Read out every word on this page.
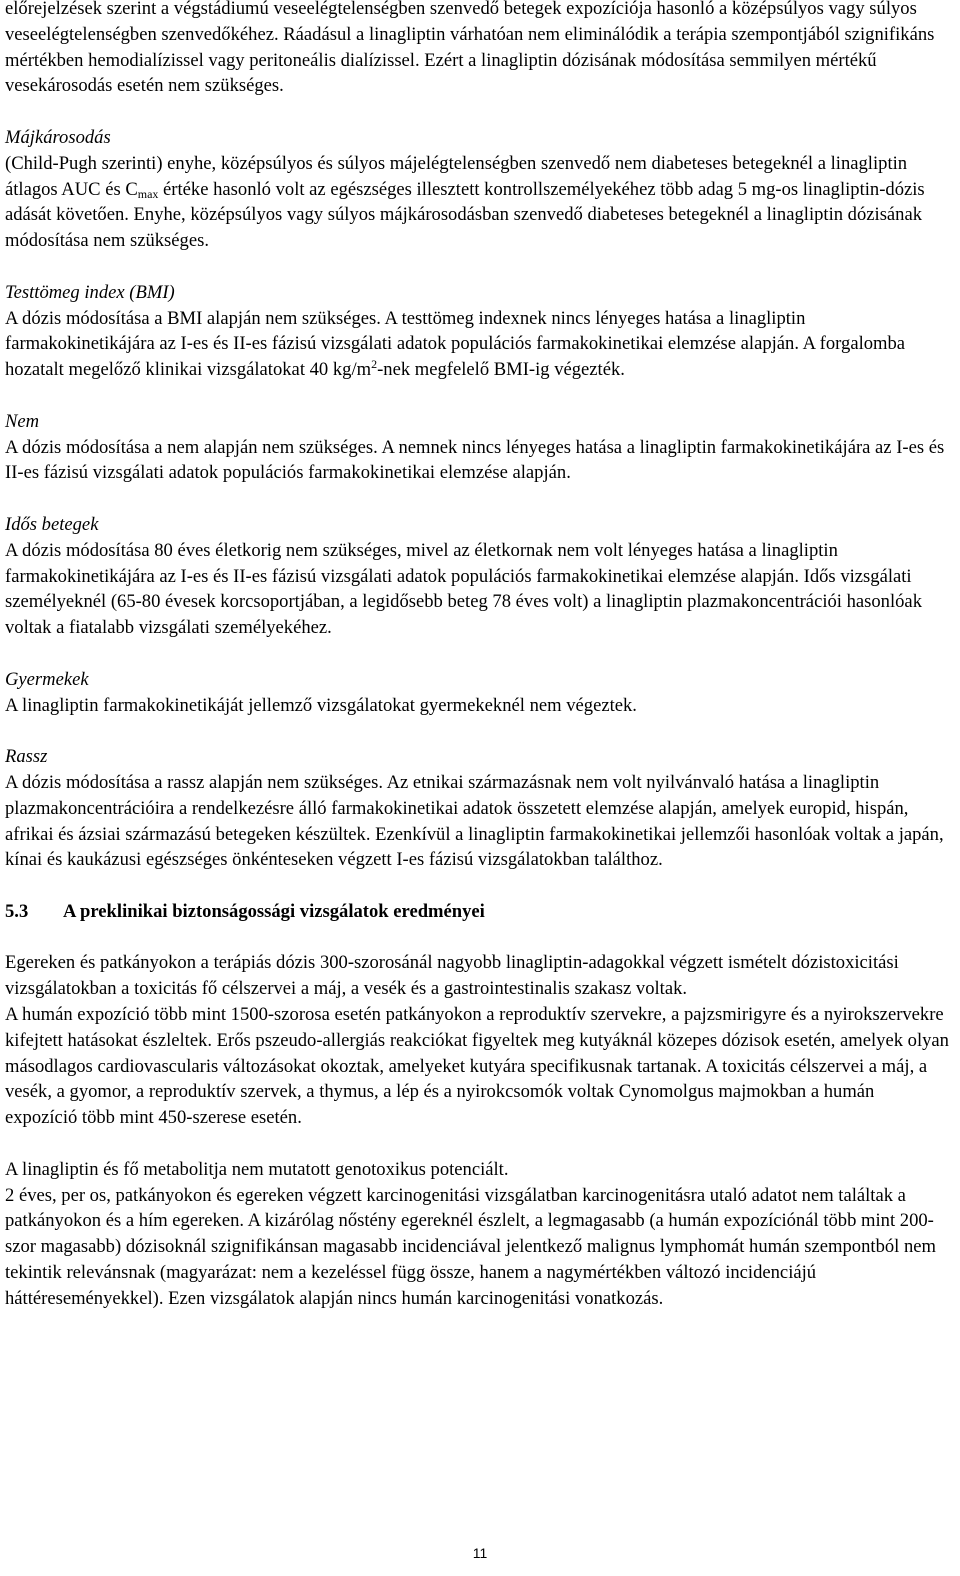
előrejelzések szerint a végstádiumú veseelégtelenségben szenvedő betegek expozíciója hasonló a középsúlyos vagy súlyos veseelégtelenségben szenvedőkéhez. Ráadásul a linagliptin várhatóan nem eliminálódik a terápia szempontjából szignifikáns mértékben hemodialízissel vagy peritoneális dialízissel. Ezért a linagliptin dózisának módosítása semmilyen mértékű vesekárosodás esetén nem szükséges.

Májkárosodás

(Child-Pugh szerinti) enyhe, középsúlyos és súlyos májelégtelenségben szenvedő nem diabeteses betegeknél a linagliptin átlagos AUC és $C_{max}$ értéke hasonló volt az egészséges illesztett kontrollszemélyekéhez több adag 5 mg-os linagliptin-dózis adását követően. Enyhe, középsúlyos vagy súlyos májkárosodásban szenvedő diabeteses betegeknél a linagliptin dózisának módosítása nem szükséges.

Testtömeg index (BMI)

A dózis módosítása a BMI alapján nem szükséges. A testtömeg indexnek nincs lényeges hatása a linagliptin farmakokinetikájára az I-es és II-es fázisú vizsgálati adatok populációs farmakokinetikai elemzése alapján. A forgalomba hozatalt megelőző klinikai vizsgálatokat 40 $kg/m^2$-nek megfelelő BMI-ig végezték.

Nem

A dózis módosítása a nem alapján nem szükséges. A nemnek nincs lényeges hatása a linagliptin farmakokinetikájára az I-es és II-es fázisú vizsgálati adatok populációs farmakokinetikai elemzése alapján.

Idős betegek

A dózis módosítása 80 éves életkorig nem szükséges, mivel az életkornak nem volt lényeges hatása a linagliptin farmakokinetikájára az I-es és II-es fázisú vizsgálati adatok populációs farmakokinetikai elemzése alapján. Idős vizsgálati személyeknél (65-80 évesek korcsoportjában, a legidősebb beteg 78 éves volt) a linagliptin plazmakoncentrációi hasonlóak voltak a fiatalabb vizsgálati személyekéhez.

Gyermekek

A linagliptin farmakokinetikáját jellemző vizsgálatokat gyermekeknél nem végeztek.

Rassz

A dózis módosítása a rassz alapján nem szükséges. Az etnikai származásnak nem volt nyilvánvaló hatása a linagliptin plazmakoncentrációira a rendelkezésre álló farmakokinetikai adatok összetett elemzése alapján, amelyek europid, hispán, afrikai és ázsiai származású betegeken készültek. Ezenkívül a linagliptin farmakokinetikai jellemzői hasonlóak voltak a japán, kínai és kaukázusi egészséges önkénteseken végzett I-es fázisú vizsgálatokban találthoz.

5.3	A preklinikai biztonságossági vizsgálatok eredményei

Egereken és patkányokon a terápiás dózis 300-szorosánál nagyobb linagliptin-adagokkal végzett ismételt dózistoxicitási vizsgálatokban a toxicitás fő célszervei a máj, a vesék és a gastrointestinalis szakasz voltak.

A humán expozíció több mint 1500-szorosa esetén patkányokon a reproduktív szervekre, a pajzsmirigyre és a nyirokszervekre kifejtett hatásokat észleltek. Erős pszeudo-allergiás reakciókat figyeltek meg kutyáknál közepes dózisok esetén, amelyek olyan másodlagos cardiovascularis változásokat okoztak, amelyeket kutyára specifikusnak tartanak. A toxicitás célszervei a máj, a vesék, a gyomor, a reproduktív szervek, a thymus, a lép és a nyirokcsomók voltak Cynomolgus majmokban a humán expozíció több mint 450-szerese esetén.

A linagliptin és fő metabolitja nem mutatott genotoxikus potenciált.

2 éves, per os, patkányokon és egereken végzett karcinogenitási vizsgálatban karcinogenitásra utaló adatot nem találtak a patkányokon és a hím egereken. A kizárólag nőstény egereknél észlelt, a legmagasabb (a humán expozíciónál több mint 200-szor magasabb) dózisoknál szignifikánsan magasabb incidenciával jelentkező malignus lymphomát humán szempontból nem tekintik relevánsnak (magyarázat: nem a kezeléssel függ össze, hanem a nagymértékben változó incidenciájú háttéreseményekkel). Ezen vizsgálatok alapján nincs humán karcinogenitási vonatkozás.

11
